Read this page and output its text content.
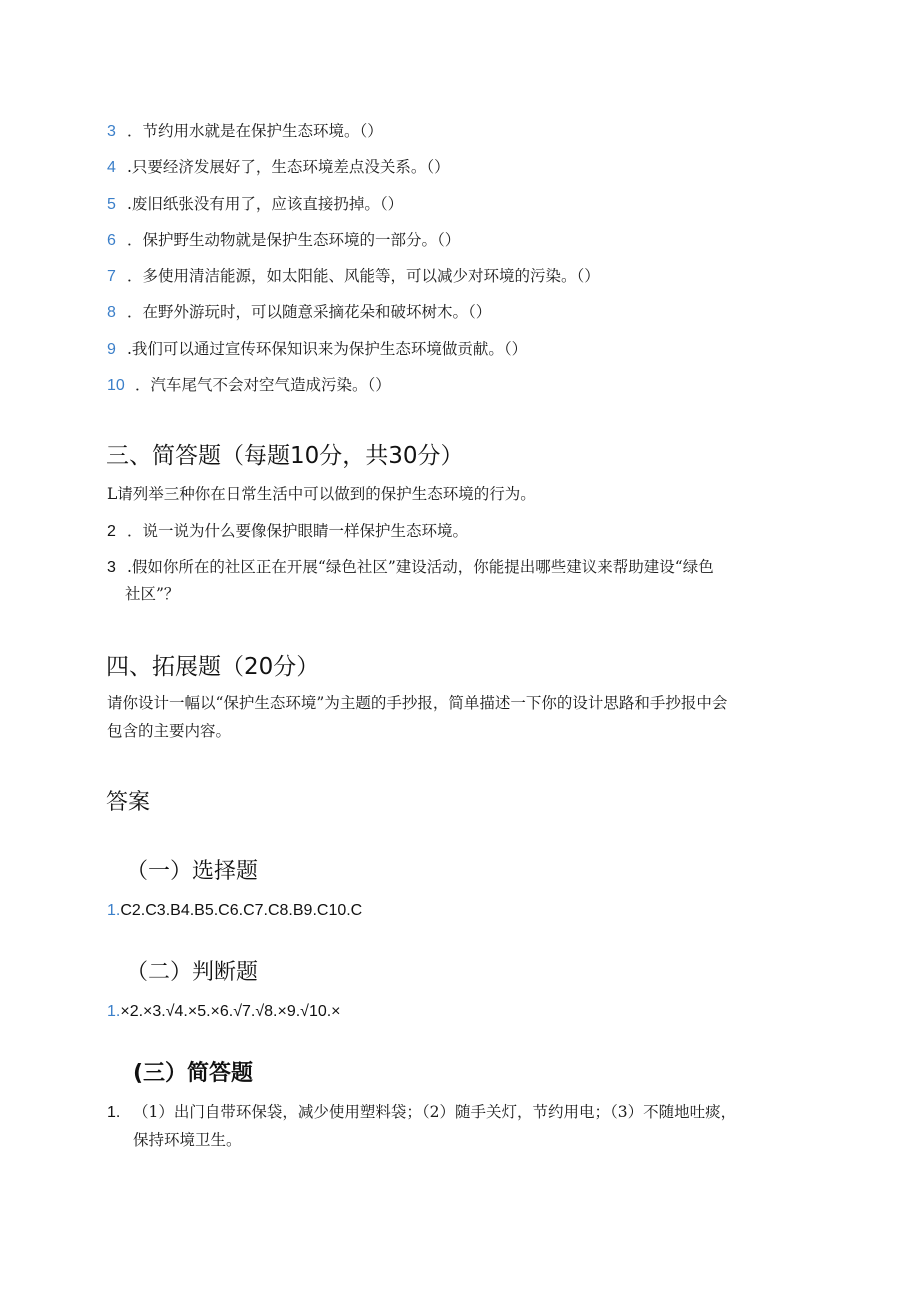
3 ．节约用水就是在保护生态环境。（）
4 .只要经济发展好了，生态环境差点没关系。（）
5 .废旧纸张没有用了，应该直接扔掉。（）
6 ．保护野生动物就是保护生态环境的一部分。（）
7 ．多使用清洁能源，如太阳能、风能等，可以减少对环境的污染。（）
8 ．在野外游玩时，可以随意采摘花朵和破坏树木。（）
9 .我们可以通过宣传环保知识来为保护生态环境做贡献。（）
10 ．汽车尾气不会对空气造成污染。（）
三、简答题（每题10分，共30分）
L请列举三种你在日常生活中可以做到的保护生态环境的行为。
2 ．说一说为什么要像保护眼睛一样保护生态环境。
3 .假如你所在的社区正在开展“绿色社区”建设活动，你能提出哪些建议来帮助建设“绿色
社区”？
四、拓展题（20分）
请你设计一幅以“保护生态环境”为主题的手抄报，简单描述一下你的设计思路和手抄报中会
包含的主要内容。
答案
（一）选择题
1.C2.C3.B4.B5.C6.C7.C8.B9.C10.C
（二）判断题
1.×2.×3.√4.×5.×6.√7.√8.×9.√10.×
(三）简答题
1. （1）出门自带环保袋，减少使用塑料袋；（2）随手关灯，节约用电；（3）不随地吐痰，
保持环境卫生。
